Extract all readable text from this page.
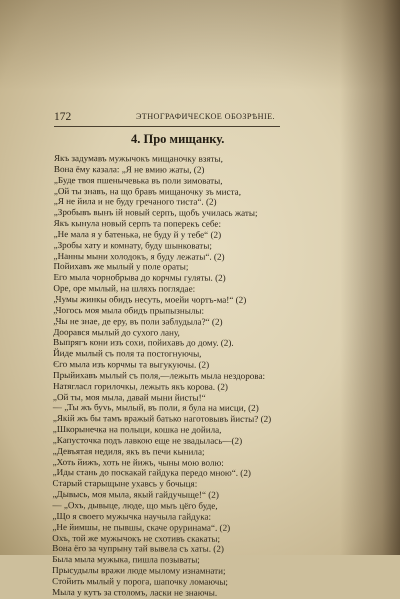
172	ЭТНОГРАФИЧЕСКОЕ ОБОЗРѢНІЕ.
4. Про мищанку.
Якъ задумавъ мужычокъ мищаночку взяты,
Вона ёму казала: „Я не вмию жаты, (2)
„Буде твоя пшенычевька въ поли зимоваты,
„Ой ты знавъ, на що бравъ мищаночку зъ миста,
„Я не йила и не буду гречаного тиста“. (2)
„Зробывъ вынъ ій новый серпъ, щобъ училась жаты;
Якъ кынула новый серпъ та поперекъ себе:
„Не мала я у батенька, не буду й у тебе“ (2)
„Зробы хату и комнату, буду шынковаты;
„Нанны мыни холодокъ, я буду лежаты“. (2)
Пойихавъ же мылый у поле ораты;
Его мыла чорнобрыва до корчмы гуляты. (2)
Оре, оре мылый, на шляхъ поглядае:
„Чумы жинкы обидъ несуть, моейи чортъ-ма!“ (2)
„Чогось моя мыла обидъ прыпызнылы:
„Чы не знае, де еру, въ поли заблудыла?“ (2)
Доорався мылый до сухого лану,
Выпрягъ кони изъ сохи, пойихавъ до дому. (2).
Йиде мылый съ поля та постогнуючы,
Єго мыла изъ корчмы та выгукуючы. (2)
Прыйихавъ мылый съ поля,—лежыть мыла нездорова:
Натягласл горилочкы, лежыть якъ корова. (2)
„Ой ты, моя мыла, давай мыни йисты!“
— „Ты жъ буvь, мылый, въ поли, я була на мисци, (2)
„Якій жъ бы тамъ вражый батько наготовывъ йисты? (2)
„Шкорынечка на полыци, кошка не дойила,
„Капусточка подъ лавкою еще не звадылась—(2)
„Девъятая недиля, якъ въ печи кынила;
„Хоть йижъ, хоть не йижъ, чыны мою волю:
„Иды стань до поскакай гайдука передо мною“. (2)
Старый старыщыне ухавсь у бочыця:
„Дывысь, моя мыла, якый гайдучыще!“ (2)
— „Охъ, дывыце, люде, що мыъ цёго буде,
„Що я своего мужычка научыла гайдука:
„Не йимшы, не пывшы, скаче оруринама“. (2)
Охъ, той же мужычокъ не схотивъ скакаты;
Вона ёго за чупрыну тай вывела съ хаты. (2)
Была мыла мужыка, пишла позываты;
Прысудылы вражи люде мылому изнамнати;
Стойить мылый у порога, шапочку ломаючы;
Мыла у кутъ за столомъ, ласки не знаючы.
